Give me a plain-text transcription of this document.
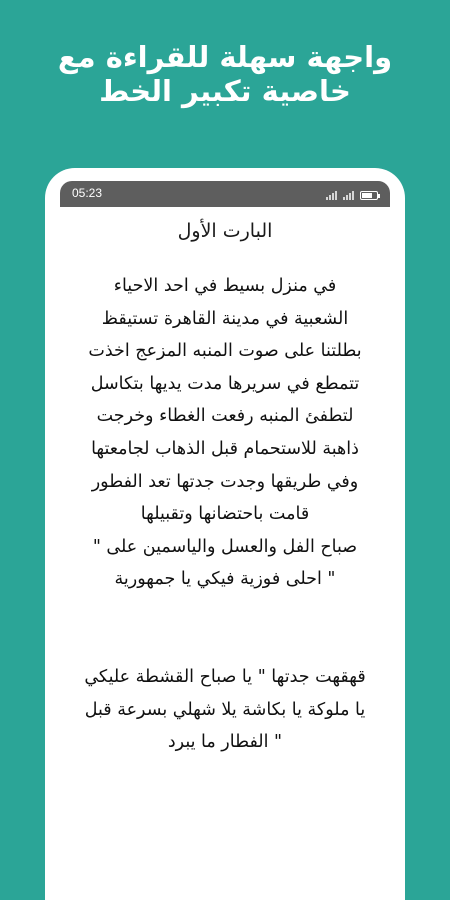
واجهة سهلة للقراءة مع
خاصية تكبير الخط
05:23
البارت الأول
في منزل بسيط في احد الاحياء
الشعبية في مدينة القاهرة تستيقظ
بطلتنا على صوت المنبه المزعج اخذت
تتمطع في سريرها مدت يديها بتكاسل
لتطفئ المنبه رفعت الغطاء وخرجت
ذاهبة للاستحمام قبل الذهاب لجامعتها
وفي طريقها وجدت جدتها تعد الفطور
قامت باحتضانها وتقبيلها
صباح الفل والعسل والياسمين على "
" احلى فوزية فيكي يا جمهورية
قهقهت جدتها " يا صباح القشطة عليكي
يا ملوكة يا بكاشة يلا شهلي بسرعة قبل
" الفطار ما يبرد
